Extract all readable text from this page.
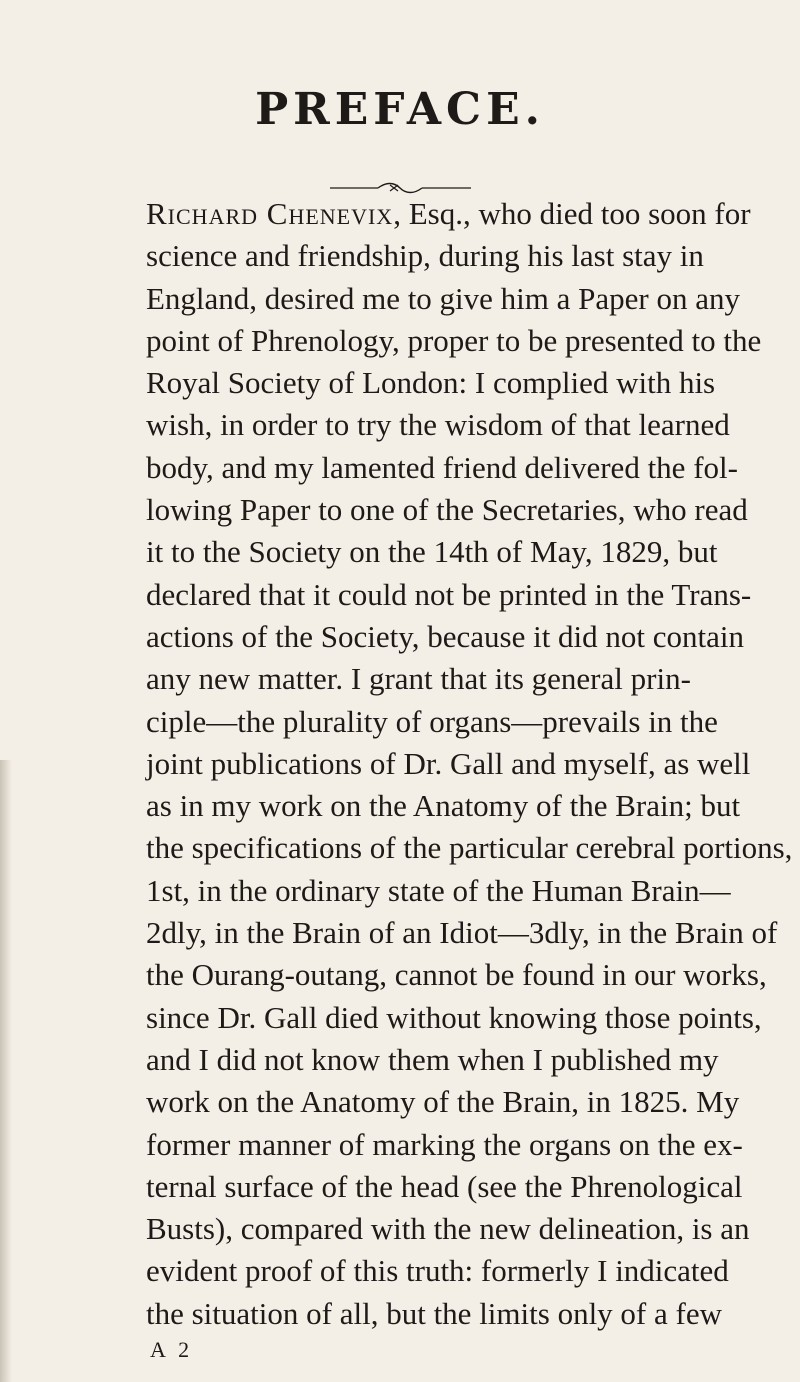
PREFACE.
Richard Chenevix, Esq., who died too soon for
science and friendship, during his last stay in
England, desired me to give him a Paper on any
point of Phrenology, proper to be presented to the
Royal Society of London: I complied with his
wish, in order to try the wisdom of that learned
body, and my lamented friend delivered the fol-
lowing Paper to one of the Secretaries, who read
it to the Society on the 14th of May, 1829, but
declared that it could not be printed in the Trans-
actions of the Society, because it did not contain
any new matter. I grant that its general prin-
ciple—the plurality of organs—prevails in the
joint publications of Dr. Gall and myself, as well
as in my work on the Anatomy of the Brain; but
the specifications of the particular cerebral portions,
1st, in the ordinary state of the Human Brain—
2dly, in the Brain of an Idiot—3dly, in the Brain of
the Ourang-outang, cannot be found in our works,
since Dr. Gall died without knowing those points,
and I did not know them when I published my
work on the Anatomy of the Brain, in 1825. My
former manner of marking the organs on the ex-
ternal surface of the head (see the Phrenological
Busts), compared with the new delineation, is an
evident proof of this truth: formerly I indicated
the situation of all, but the limits only of a few
A 2
